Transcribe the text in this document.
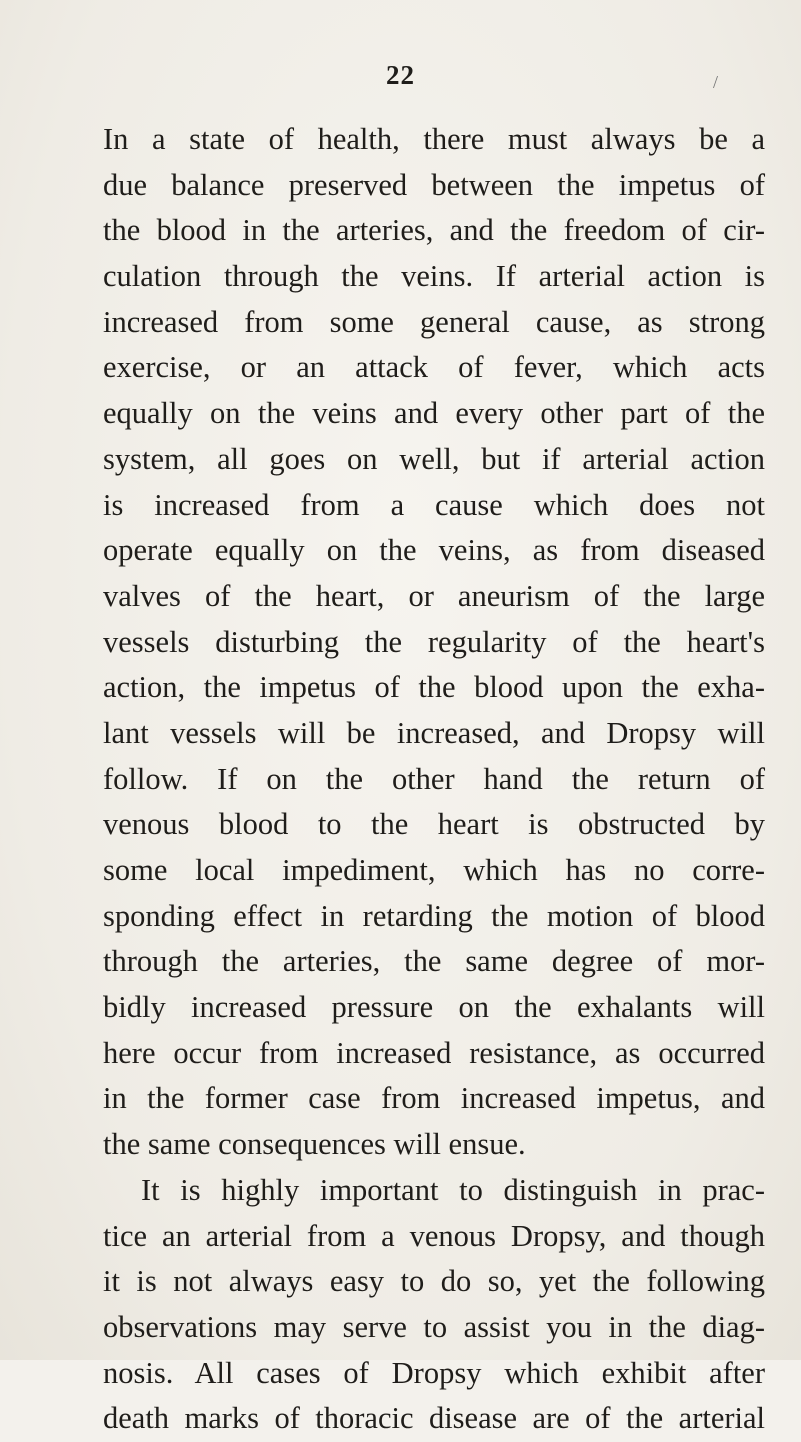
22	/
In a state of health, there must always be a
due balance preserved between the impetus of
the blood in the arteries, and the freedom of cir-
culation through the veins. If arterial action is
increased from some general cause, as strong
exercise, or an attack of fever, which acts
equally on the veins and every other part of the
system, all goes on well, but if arterial action
is increased from a cause which does not
operate equally on the veins, as from diseased
valves of the heart, or aneurism of the large
vessels disturbing the regularity of the heart's
action, the impetus of the blood upon the exha-
lant vessels will be increased, and Dropsy will
follow. If on the other hand the return of
venous blood to the heart is obstructed by
some local impediment, which has no corre-
sponding effect in retarding the motion of blood
through the arteries, the same degree of mor-
bidly increased pressure on the exhalants will
here occur from increased resistance, as occurred
in the former case from increased impetus, and
the same consequences will ensue.
It is highly important to distinguish in prac-
tice an arterial from a venous Dropsy, and though
it is not always easy to do so, yet the following
observations may serve to assist you in the diag-
nosis. All cases of Dropsy which exhibit after
death marks of thoracic disease are of the arterial
